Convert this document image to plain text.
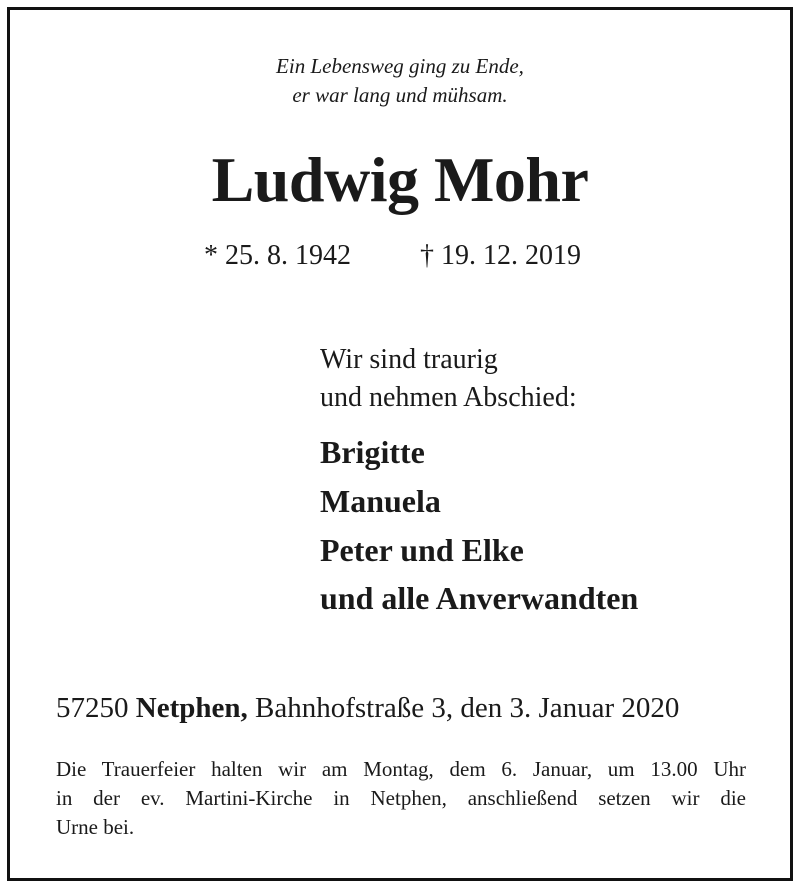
Ein Lebensweg ging zu Ende,
er war lang und mühsam.
Ludwig Mohr
* 25. 8. 1942 † 19. 12. 2019
Wir sind traurig
und nehmen Abschied:
Brigitte
Manuela
Peter und Elke
und alle Anverwandten
57250 Netphen, Bahnhofstraße 3, den 3. Januar 2020
Die Trauerfeier halten wir am Montag, dem 6. Januar, um 13.00 Uhr
in der ev. Martini-Kirche in Netphen, anschließend setzen wir die
Urne bei.
